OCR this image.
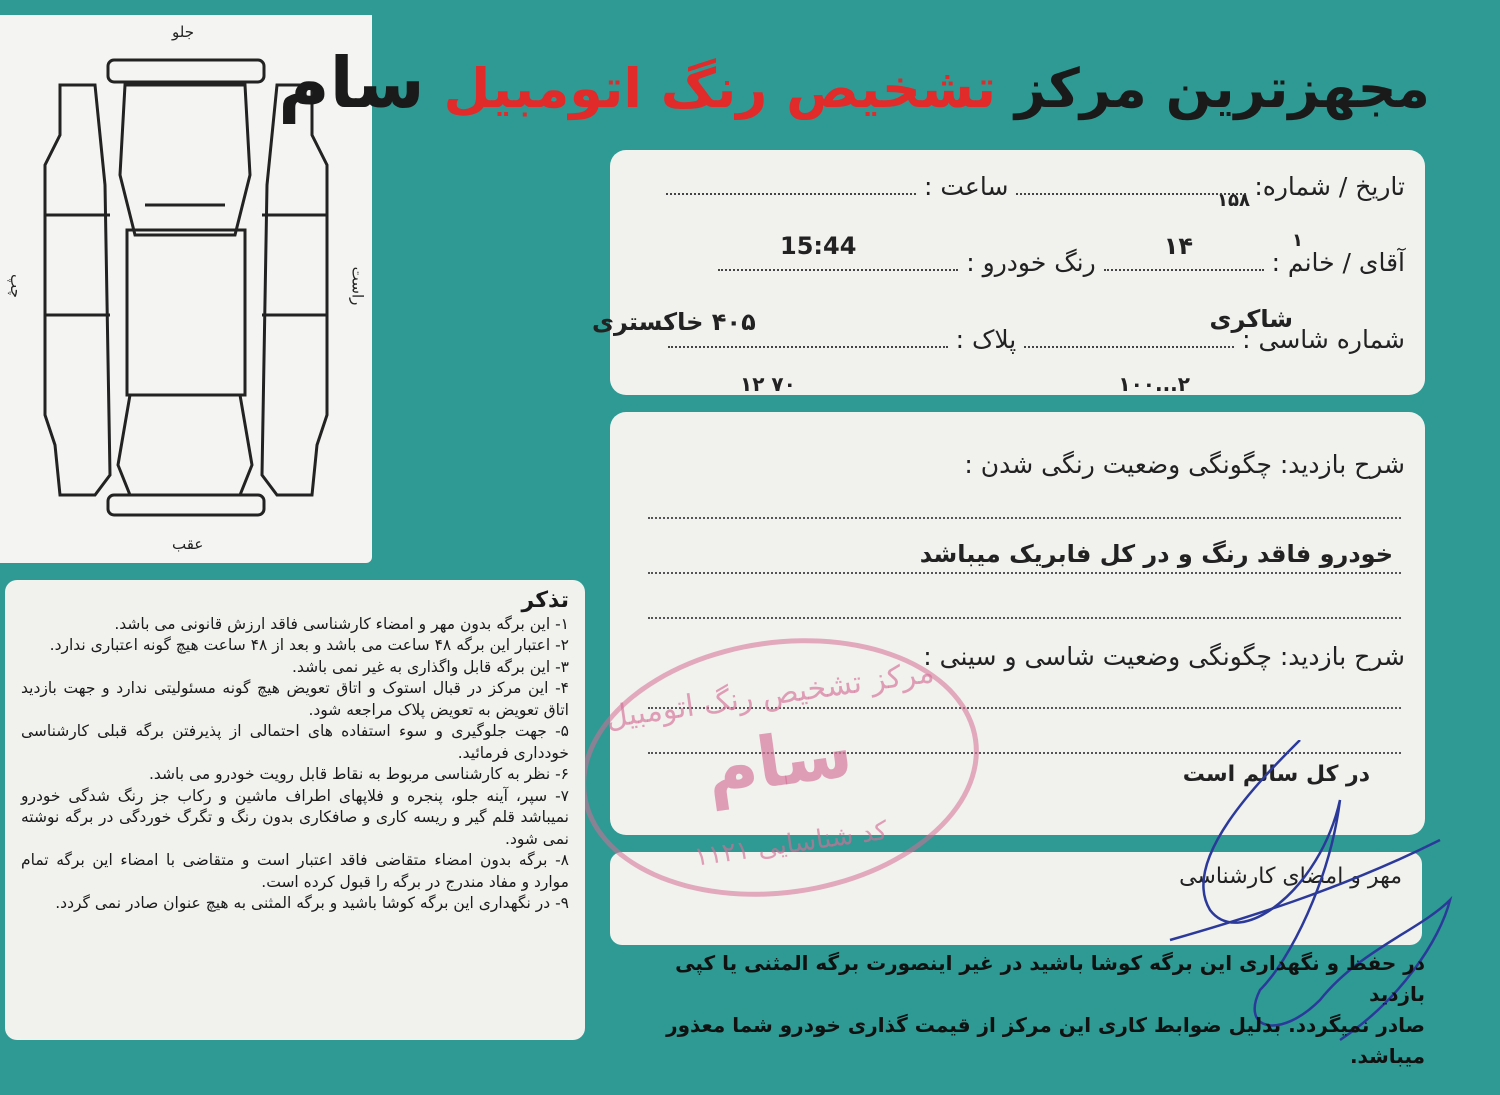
جلو
عقب
راست
چپ
مجهزترین مرکز تشخیص رنگ اتومبیل سام
تاریخ / شماره:  ساعت :	۱۵۸
آقای / خانم :  رنگ خودرو :
۱
۱۴
15:44
شماره شاسی :  پلاک :
شاکری
۴۰۵ خاکستری
۲...۱۰۰
۷۰ ۱۲
شرح بازدید: چگونگی وضعیت رنگی شدن :
خودرو فاقد رنگ و در کل فابریک میباشد
شرح بازدید: چگونگی وضعیت شاسی و سینی :
در کل سالم است
مهر و امضای کارشناسی
مرکز تشخیص رنگ اتومبیل
سام
کد شناسایی ۱۱۲۱
در حفظ و نگهداری این برگه کوشا باشید در غیر اینصورت برگه المثنی یا کپی بازدید
صادر نمیگردد. بدلیل ضوابط کاری این مرکز از قیمت گذاری خودرو شما معذور میباشد.
تذکر

۱- این برگه بدون مهر و امضاء کارشناسی فاقد ارزش قانونی می باشد.

۲- اعتبار این برگه ۴۸ ساعت می باشد و بعد از ۴۸ ساعت هیچ گونه اعتباری ندارد.

۳- این برگه قابل واگذاری به غیر نمی باشد.

۴- این مرکز در قبال استوک و اتاق تعویض هیچ گونه مسئولیتی ندارد و جهت بازدید اتاق تعویض به تعویض پلاک مراجعه شود.

۵- جهت جلوگیری و سوء استفاده های احتمالی از پذیرفتن برگه قبلی کارشناسی خودداری فرمائید.

۶- نظر به کارشناسی مربوط به نقاط قابل رویت خودرو می باشد.

۷- سپر، آینه جلو، پنجره و فلاپهای اطراف ماشین و رکاب جز رنگ شدگی خودرو نمیباشد قلم گیر و ریسه کاری و صافکاری بدون رنگ و تگرگ خوردگی در برگه نوشته نمی شود.

۸- برگه بدون امضاء متقاضی فاقد اعتبار است و متقاضی با امضاء این برگه تمام موارد و مفاد مندرج در برگه را قبول کرده است.

۹- در نگهداری این برگه کوشا باشید و برگه المثنی به هیچ عنوان صادر نمی گردد.
